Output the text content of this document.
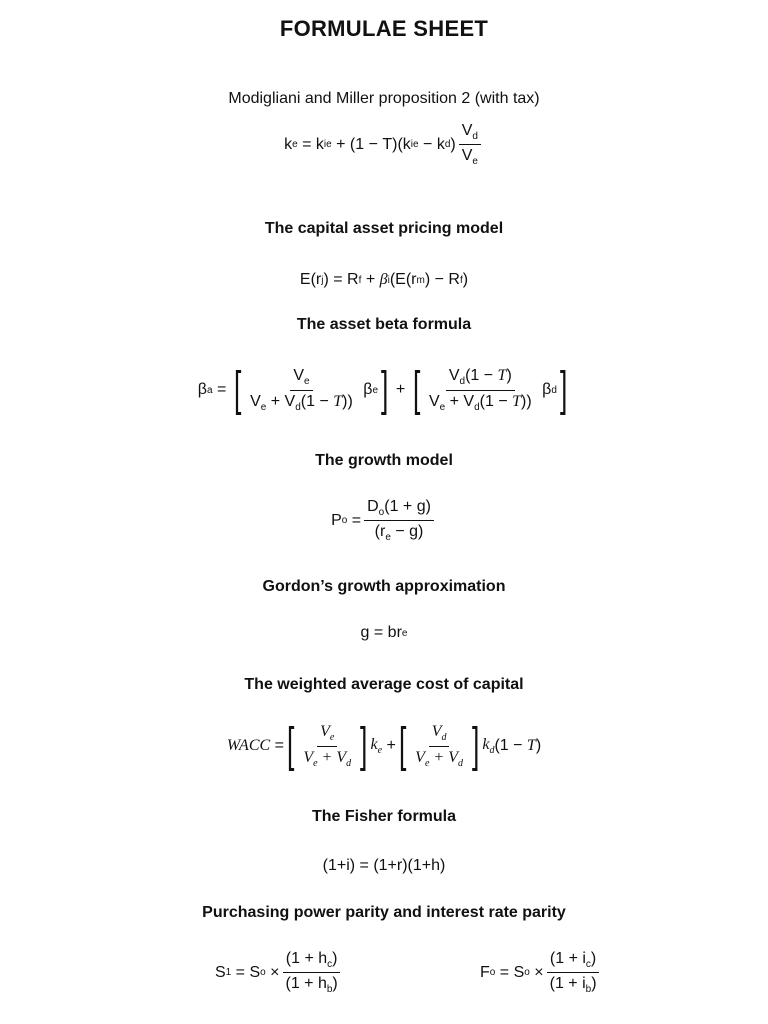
FORMULAE SHEET
Modigliani and Miller proposition 2 (with tax)
k e = k i e + (1 − T)(k i e − k d ) $\frac{V_d}{V_e}$
The capital asset pricing model
E(r j ) = R f + β i (E(r m ) − R f )
The asset beta formula
β a = [ $\frac{V_e}{V_e + V_d(1 - T))}$ β e ] + [ $\frac{V_d(1 - T)}{V_e + V_d(1 - T))}$ β d ]
The growth model
P $o = \frac{D_o(1 + g)}{(r_e - g)}$
Gordon’s growth approximation
g = br e
The weighted average cost of capital
WACC = [ $\frac{V_e}{V_e + V_d}$ ] $k_e$ + [ $\frac{V_d}{V_e + V_d}$ ] $k_d$ (1 − T )
The Fisher formula
(1+i) = (1+r)(1+h)
Purchasing power parity and interest rate parity
S 1 = S $o \times \frac{(1 + h_c)}{(1 + h_b)}$	F o = S $o \times \frac{(1 + i_c)}{(1 + i_b)}$
